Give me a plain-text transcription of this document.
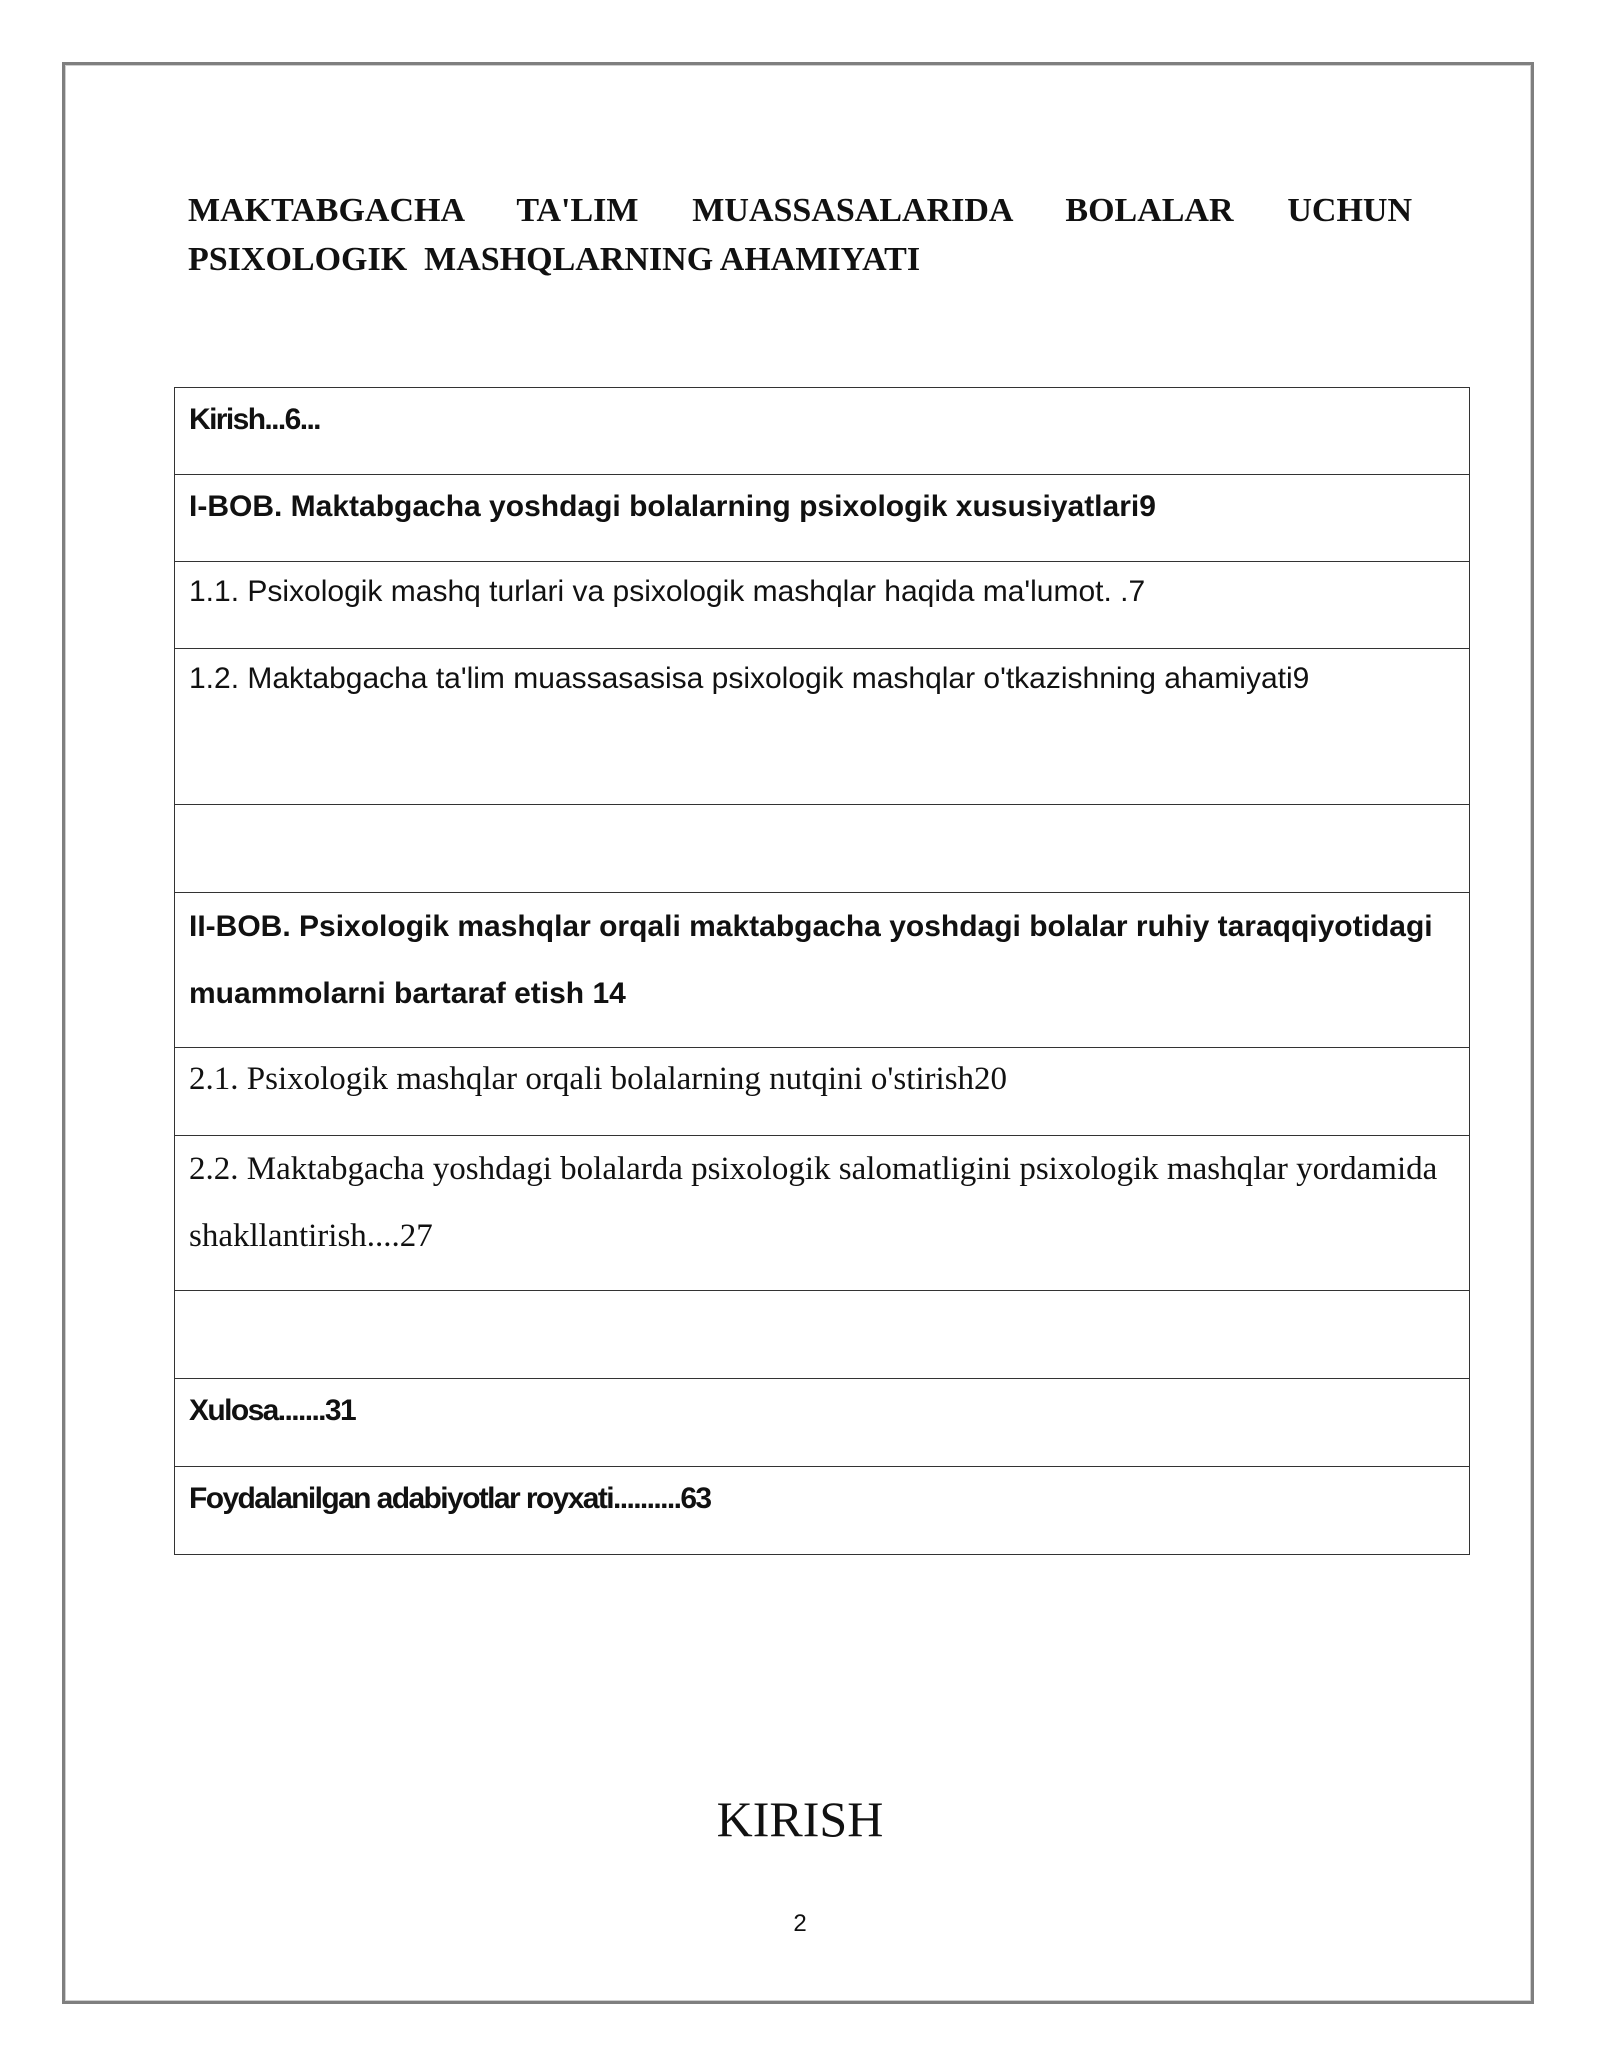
MAKTABGACHA TA'LIM MUASSASALARIDA BOLALAR UCHUN
PSIXOLOGIK  MASHQLARNING AHAMIYATI
Kirish...6...

I-BOB. Maktabgacha yoshdagi bolalarning psixologik xususiyatlari9

1.1. Psixologik mashq turlari va psixologik mashqlar haqida ma'lumot. .7

1.2. Maktabgacha ta'lim muassasasisa psixologik mashqlar o'tkazishning ahamiyati9

II-BOB. Psixologik mashqlar orqali maktabgacha yoshdagi bolalar ruhiy taraqqiyotidagi muammolarni bartaraf etish 14

2.1. Psixologik mashqlar orqali bolalarning nutqini o'stirish20

2.2. Maktabgacha yoshdagi bolalarda psixologik salomatligini psixologik mashqlar yordamida shakllantirish....27

Xulosa.......31

Foydalanilgan adabiyotlar royxati..........63
KIRISH
2
